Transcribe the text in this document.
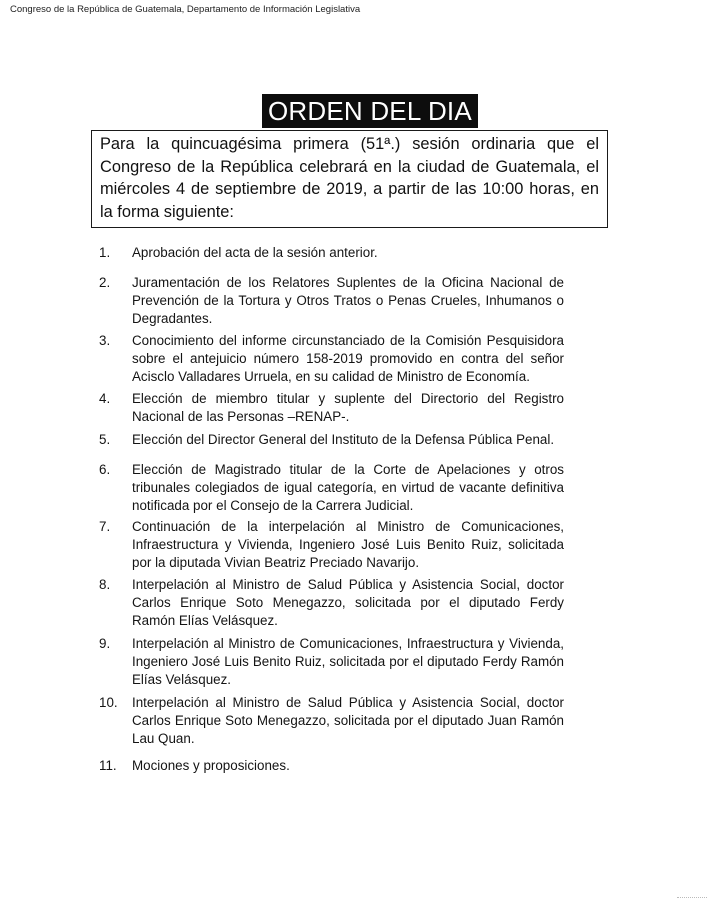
Congreso de la República de Guatemala, Departamento de Información Legislativa
ORDEN DEL DIA
Para la quincuagésima primera (51ª.) sesión ordinaria que el Congreso de la República celebrará en la ciudad de Guatemala, el miércoles 4 de septiembre de 2019, a partir de las 10:00 horas, en la forma siguiente:
1.	Aprobación del acta de la sesión anterior.
2.	Juramentación de los Relatores Suplentes de la Oficina Nacional de Prevención de la Tortura y Otros Tratos o Penas Crueles, Inhumanos o Degradantes.
3.	Conocimiento del informe circunstanciado de la Comisión Pesquisidora sobre el antejuicio número 158-2019 promovido en contra del señor Acisclo Valladares Urruela, en su calidad de Ministro de Economía.
4.	Elección de miembro titular y suplente del Directorio del Registro Nacional de las Personas –RENAP-.
5.	Elección del Director General del Instituto de la Defensa Pública Penal.
6.	Elección de Magistrado titular de la Corte de Apelaciones y otros tribunales colegiados de igual categoría, en virtud de vacante definitiva notificada por el Consejo de la Carrera Judicial.
7.	Continuación de la interpelación al Ministro de Comunicaciones, Infraestructura y Vivienda, Ingeniero José Luis Benito Ruiz, solicitada por la diputada Vivian Beatriz Preciado Navarijo.
8.	Interpelación al Ministro de Salud Pública y Asistencia Social, doctor Carlos Enrique Soto Menegazzo, solicitada por el diputado Ferdy Ramón Elías Velásquez.
9.	Interpelación al Ministro de Comunicaciones, Infraestructura y Vivienda, Ingeniero José Luis Benito Ruiz, solicitada por el diputado Ferdy Ramón Elías Velásquez.
10.	Interpelación al Ministro de Salud Pública y Asistencia Social, doctor Carlos Enrique Soto Menegazzo, solicitada por el diputado Juan Ramón Lau Quan.
11.	Mociones y proposiciones.
